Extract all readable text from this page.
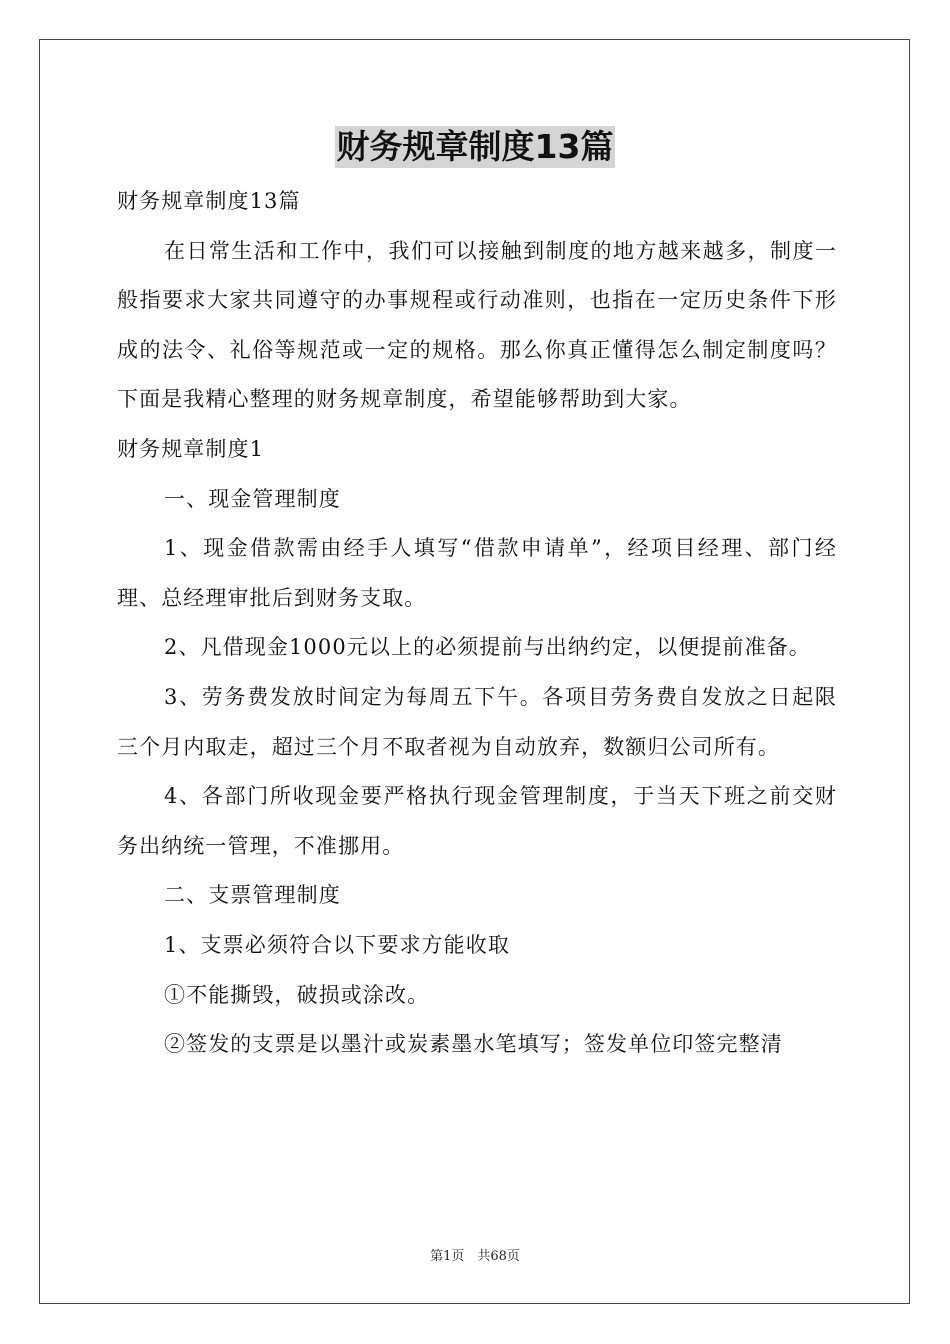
财务规章制度13篇

财务规章制度13篇

在日常生活和工作中，我们可以接触到制度的地方越来越多，制度一般指要求大家共同遵守的办事规程或行动准则，也指在一定历史条件下形成的法令、礼俗等规范或一定的规格。那么你真正懂得怎么制定制度吗？下面是我精心整理的财务规章制度，希望能够帮助到大家。

财务规章制度1

一、现金管理制度

1、现金借款需由经手人填写“借款申请单”，经项目经理、部门经理、总经理审批后到财务支取。

2、凡借现金1000元以上的必须提前与出纳约定，以便提前准备。

3、劳务费发放时间定为每周五下午。各项目劳务费自发放之日起限三个月内取走，超过三个月不取者视为自动放弃，数额归公司所有。

4、各部门所收现金要严格执行现金管理制度，于当天下班之前交财务出纳统一管理，不准挪用。

二、支票管理制度

1、支票必须符合以下要求方能收取

①不能撕毁，破损或涂改。

②签发的支票是以墨汁或炭素墨水笔填写；签发单位印签完整清

第1页　共68页
